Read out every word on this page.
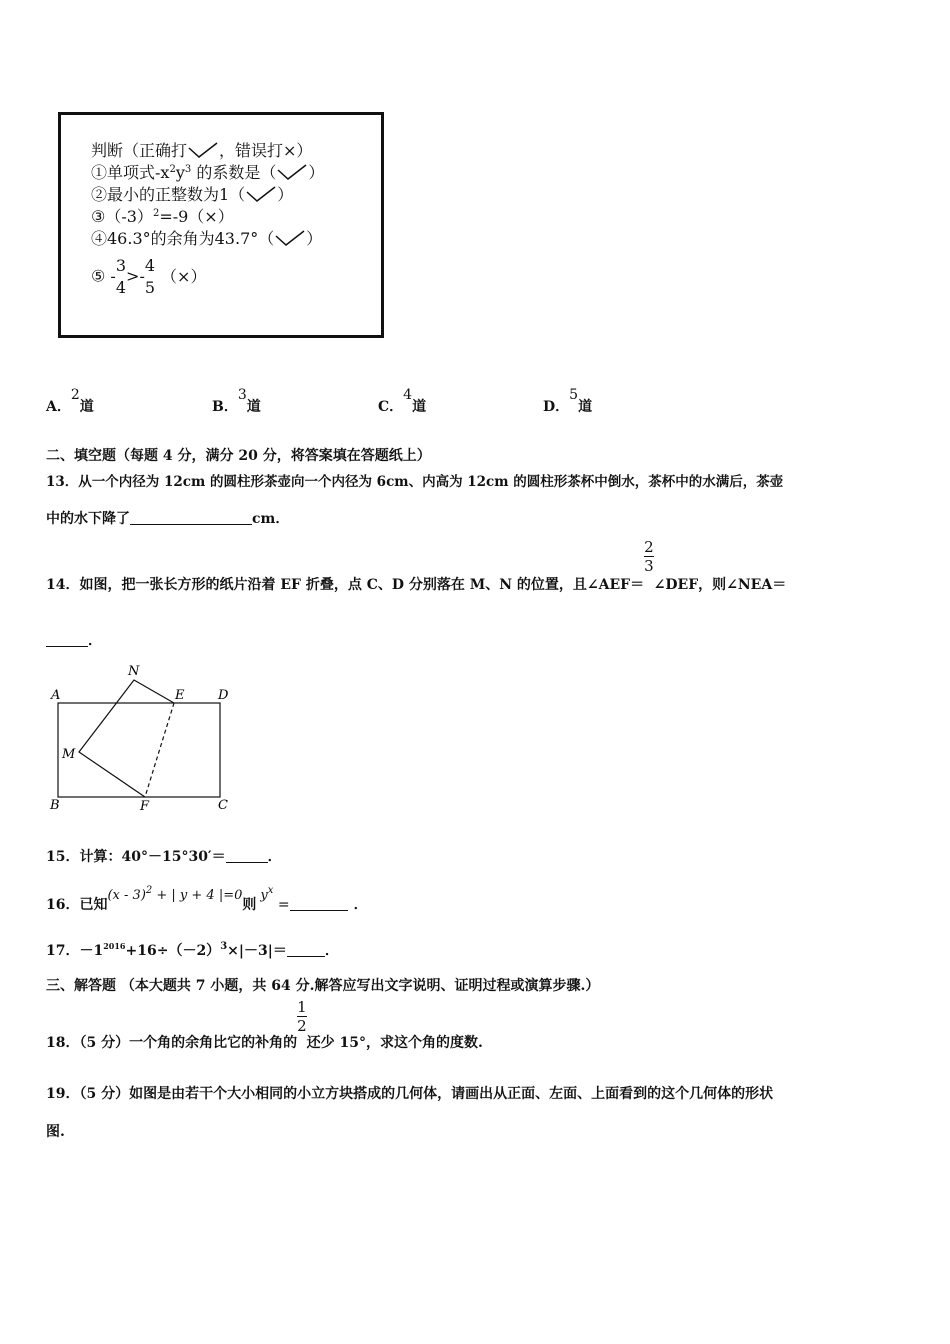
判断（正确打 ，错误打×）
①单项式$-x^2y^3$ 的系数是（ ）
②最小的正整数为1（ ）
$③(-3)^2=-9(\times)$
④46.3°的余角为43.7°（ ）
⑤ -
3
4
>-
4
5
（×）
A．2道	B．3道	C．4道	D．5道
二、填空题（每题 4 分，满分 20 分，将答案填在答题纸上）
13．从一个内径为 12cm 的圆柱形茶壶向一个内径为 6cm、内高为 12cm 的圆柱形茶杯中倒水，茶杯中的水满后，茶壶
中的水下降了	cm．
14．如图，把一张长方形的纸片沿着 EF 折叠，点 C、D 分别落在 M、N 的位置，且∠AEF＝
$\frac{2}{3}$
∠DEF，则∠NEA＝
．
A
B	C
D
E
F
M
N
15．计算：40°－15°30′＝	．
16．已知(x - 3)$^2$ + | y + 4 |=0则$y^x$ =	．
17．$-1^{2016}+16\div(-2)^3\times|-3|=$	．
三、解答题 （本大题共 7 小题，共 64 分.解答应写出文字说明、证明过程或演算步骤.）
18．（5 分）一个角的余角比它的补角的
$\frac{1}{2}$
还少 15°，求这个角的度数.
19．（5 分）如图是由若干个大小相同的小立方块搭成的几何体，请画出从正面、左面、上面看到的这个几何体的形状
图.
